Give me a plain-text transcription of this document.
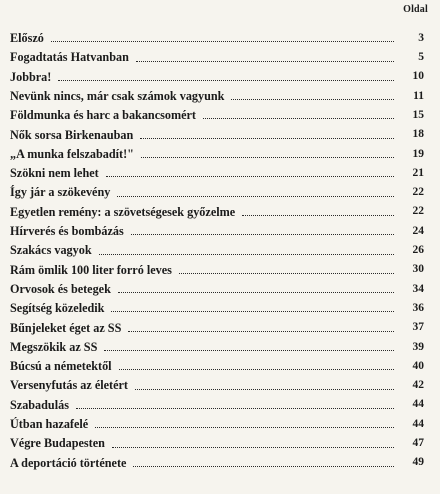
Oldal
Előszó	3
Fogadtatás Hatvanban	5
Jobbra!	10
Nevünk nincs, már csak számok vagyunk	11
Földmunka és harc a bakancsomért	15
Nők sorsa Birkenauban	18
„A munka felszabadít!"	19
Szökni nem lehet	21
Így jár a szökevény	22
Egyetlen remény: a szövetségesek győzelme	22
Hírverés és bombázás	24
Szakács vagyok	26
Rám ömlik 100 liter forró leves	30
Orvosok és betegek	34
Segítség közeledik	36
Bűnjeleket éget az SS	37
Megszökik az SS	39
Búcsú a németektől	40
Versenyfutás az életért	42
Szabadulás	44
Útban hazafelé	44
Végre Budapesten	47
A deportáció története	49
